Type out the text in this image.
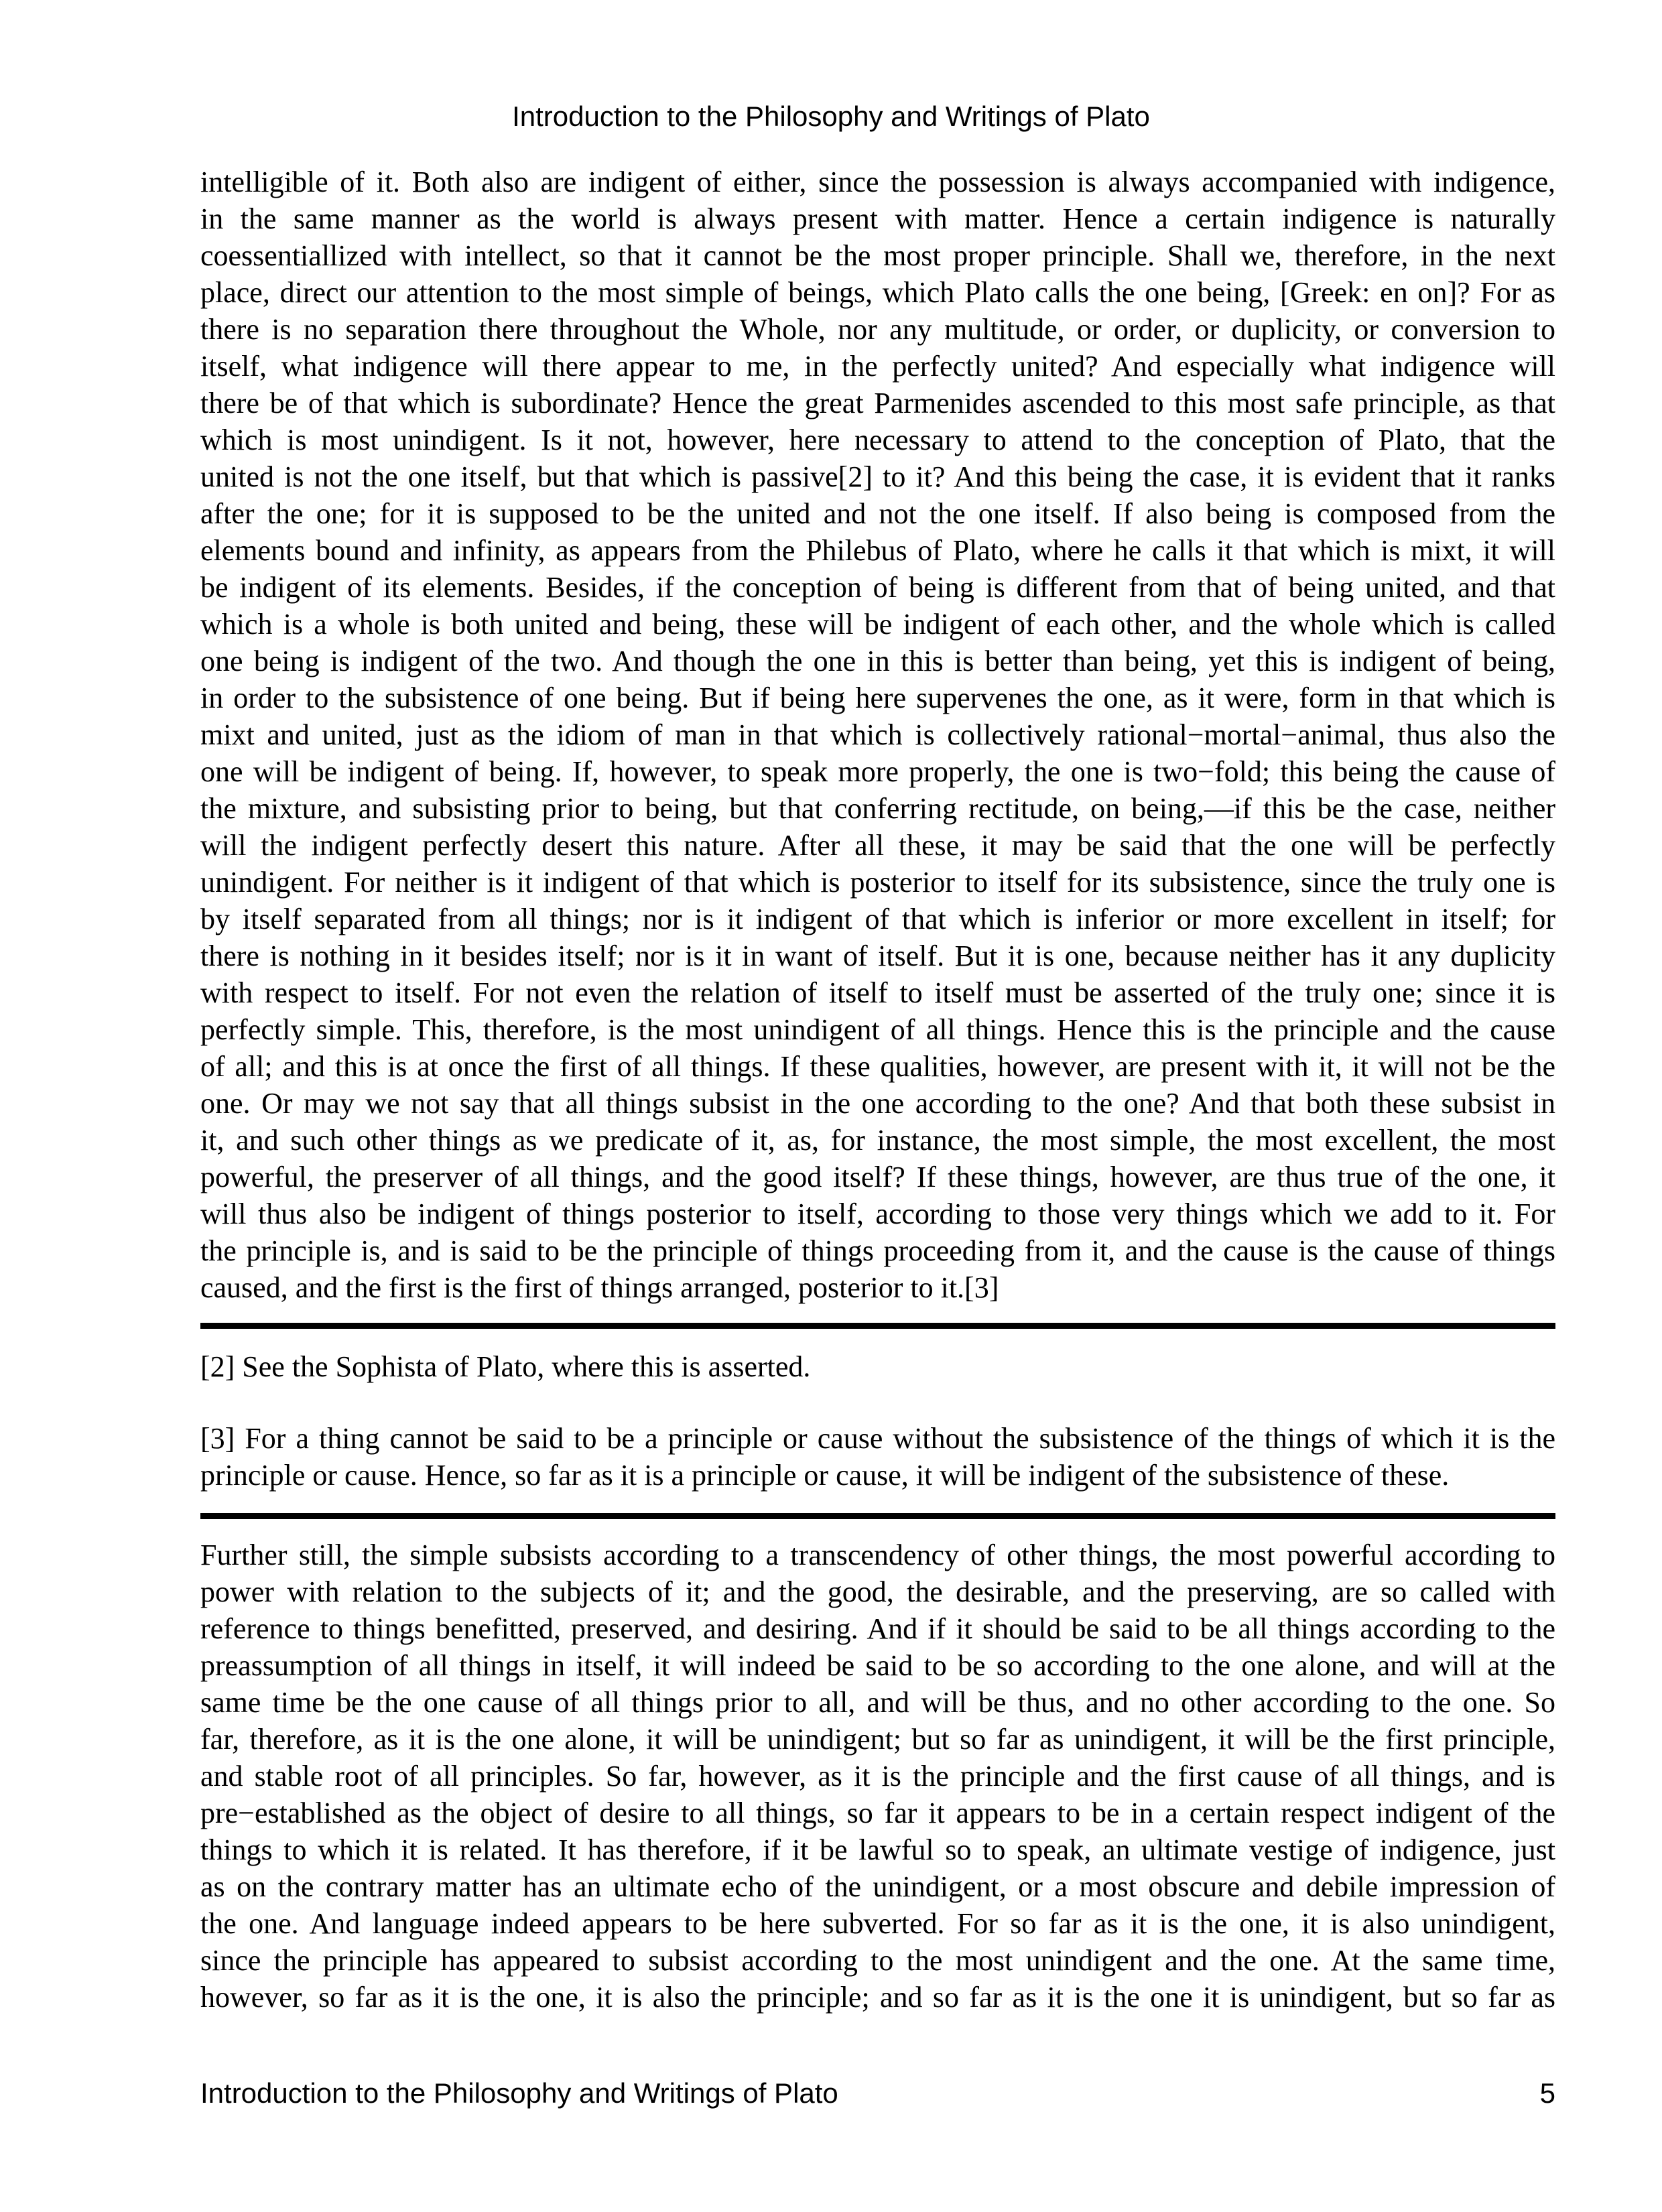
Introduction to the Philosophy and Writings of Plato
intelligible of it. Both also are indigent of either, since the possession is always accompanied with indigence,
in the same manner as the world is always present with matter. Hence a certain indigence is naturally
coessentiallized with intellect, so that it cannot be the most proper principle. Shall we, therefore, in the next
place, direct our attention to the most simple of beings, which Plato calls the one being, [Greek: en on]? For as
there is no separation there throughout the Whole, nor any multitude, or order, or duplicity, or conversion to
itself, what indigence will there appear to me, in the perfectly united? And especially what indigence will
there be of that which is subordinate? Hence the great Parmenides ascended to this most safe principle, as that
which is most unindigent. Is it not, however, here necessary to attend to the conception of Plato, that the
united is not the one itself, but that which is passive[2] to it? And this being the case, it is evident that it ranks
after the one; for it is supposed to be the united and not the one itself. If also being is composed from the
elements bound and infinity, as appears from the Philebus of Plato, where he calls it that which is mixt, it will
be indigent of its elements. Besides, if the conception of being is different from that of being united, and that
which is a whole is both united and being, these will be indigent of each other, and the whole which is called
one being is indigent of the two. And though the one in this is better than being, yet this is indigent of being,
in order to the subsistence of one being. But if being here supervenes the one, as it were, form in that which is
mixt and united, just as the idiom of man in that which is collectively rational−mortal−animal, thus also the
one will be indigent of being. If, however, to speak more properly, the one is two−fold; this being the cause of
the mixture, and subsisting prior to being, but that conferring rectitude, on being,—if this be the case, neither
will the indigent perfectly desert this nature. After all these, it may be said that the one will be perfectly
unindigent. For neither is it indigent of that which is posterior to itself for its subsistence, since the truly one is
by itself separated from all things; nor is it indigent of that which is inferior or more excellent in itself; for
there is nothing in it besides itself; nor is it in want of itself. But it is one, because neither has it any duplicity
with respect to itself. For not even the relation of itself to itself must be asserted of the truly one; since it is
perfectly simple. This, therefore, is the most unindigent of all things. Hence this is the principle and the cause
of all; and this is at once the first of all things. If these qualities, however, are present with it, it will not be the
one. Or may we not say that all things subsist in the one according to the one? And that both these subsist in
it, and such other things as we predicate of it, as, for instance, the most simple, the most excellent, the most
powerful, the preserver of all things, and the good itself? If these things, however, are thus true of the one, it
will thus also be indigent of things posterior to itself, according to those very things which we add to it. For
the principle is, and is said to be the principle of things proceeding from it, and the cause is the cause of things
caused, and the first is the first of things arranged, posterior to it.[3]
[2] See the Sophista of Plato, where this is asserted.
[3] For a thing cannot be said to be a principle or cause without the subsistence of the things of which it is the
principle or cause. Hence, so far as it is a principle or cause, it will be indigent of the subsistence of these.
Further still, the simple subsists according to a transcendency of other things, the most powerful according to
power with relation to the subjects of it; and the good, the desirable, and the preserving, are so called with
reference to things benefitted, preserved, and desiring. And if it should be said to be all things according to the
preassumption of all things in itself, it will indeed be said to be so according to the one alone, and will at the
same time be the one cause of all things prior to all, and will be thus, and no other according to the one. So
far, therefore, as it is the one alone, it will be unindigent; but so far as unindigent, it will be the first principle,
and stable root of all principles. So far, however, as it is the principle and the first cause of all things, and is
pre−established as the object of desire to all things, so far it appears to be in a certain respect indigent of the
things to which it is related. It has therefore, if it be lawful so to speak, an ultimate vestige of indigence, just
as on the contrary matter has an ultimate echo of the unindigent, or a most obscure and debile impression of
the one. And language indeed appears to be here subverted. For so far as it is the one, it is also unindigent,
since the principle has appeared to subsist according to the most unindigent and the one. At the same time,
however, so far as it is the one, it is also the principle; and so far as it is the one it is unindigent, but so far as
Introduction to the Philosophy and Writings of Plato	5
